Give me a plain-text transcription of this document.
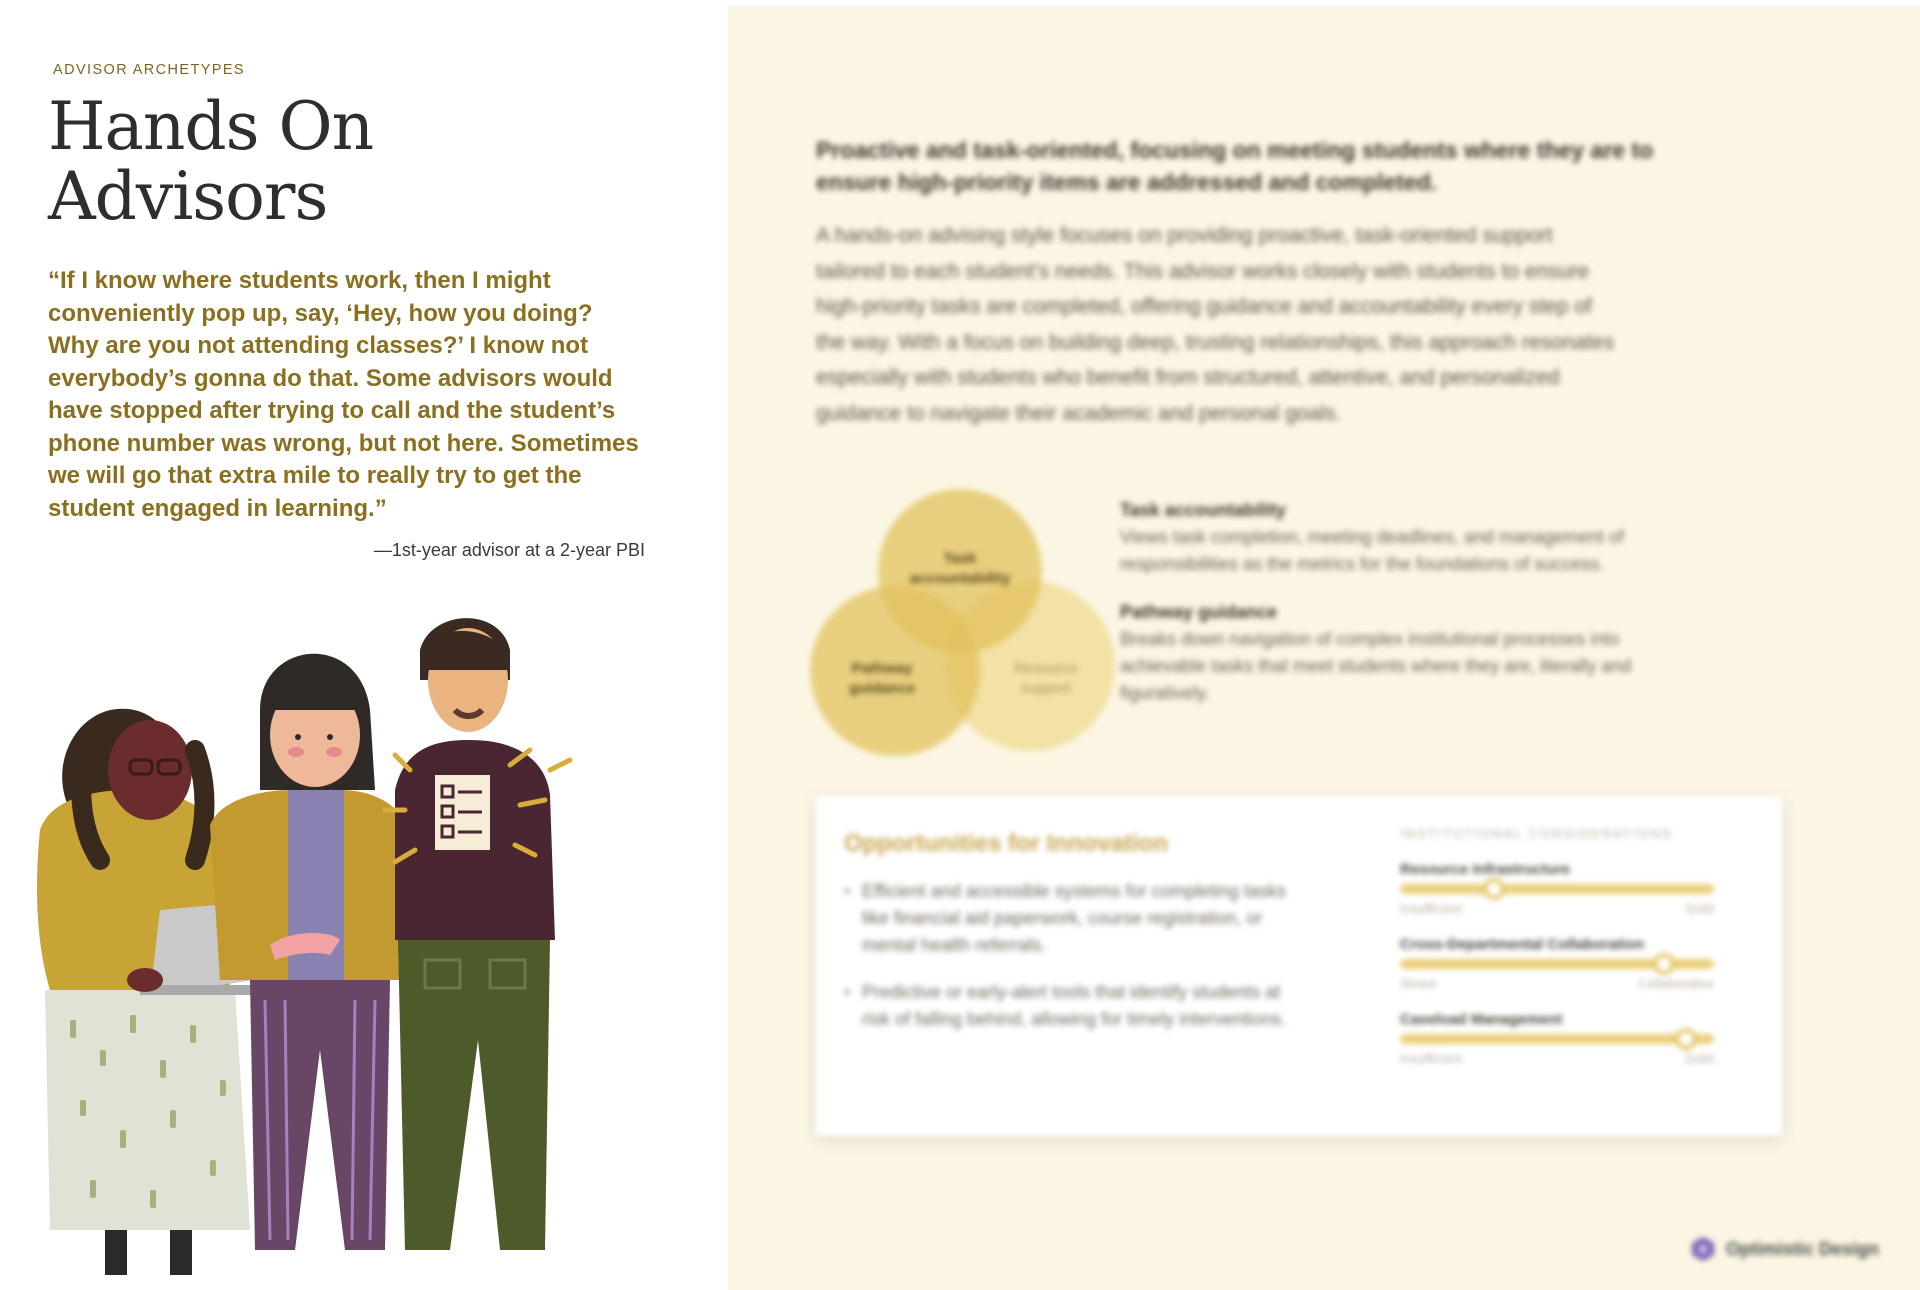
ADVISOR ARCHETYPES
Hands On
Advisors

“If I know where students work, then I might conveniently pop up, say, ‘Hey, how you doing? Why are you not attending classes?’ I know not everybody’s gonna do that. Some advisors would have stopped after trying to call and the student’s phone number was wrong, but not here. Sometimes we will go that extra mile to really try to get the student engaged in learning.”

—1st-year advisor at a 2-year PBI

Proactive and task-oriented, focusing on meeting students where they are to ensure high-priority items are addressed and completed.

A hands-on advising style focuses on providing proactive, task-oriented support tailored to each student’s needs. This advisor works closely with students to ensure high-priority tasks are completed, offering guidance and accountability every step of the way. With a focus on building deep, trusting relationships, this approach resonates especially with students who benefit from structured, attentive, and personalized guidance to navigate their academic and personal goals.

Task
accountability
Pathway
guidance
Resource
support
Task accountability
Views task completion, meeting deadlines, and management of responsibilities as the metrics for the foundations of success.
Pathway guidance
Breaks down navigation of complex institutional processes into achievable tasks that meet students where they are, literally and figuratively.
Opportunities for Innovation
• Efficient and accessible systems for completing tasks like financial aid paperwork, course registration, or mental health referrals.
• Predictive or early-alert tools that identify students at risk of falling behind, allowing for timely interventions.
INSTITUTIONAL CONSIDERATIONS
Resource Infrastructure
Insufficient	Solid
Cross-Departmental Collaboration
Siloed	Collaborative
Caseload Management
Insufficient	Solid
Optimistic Design
